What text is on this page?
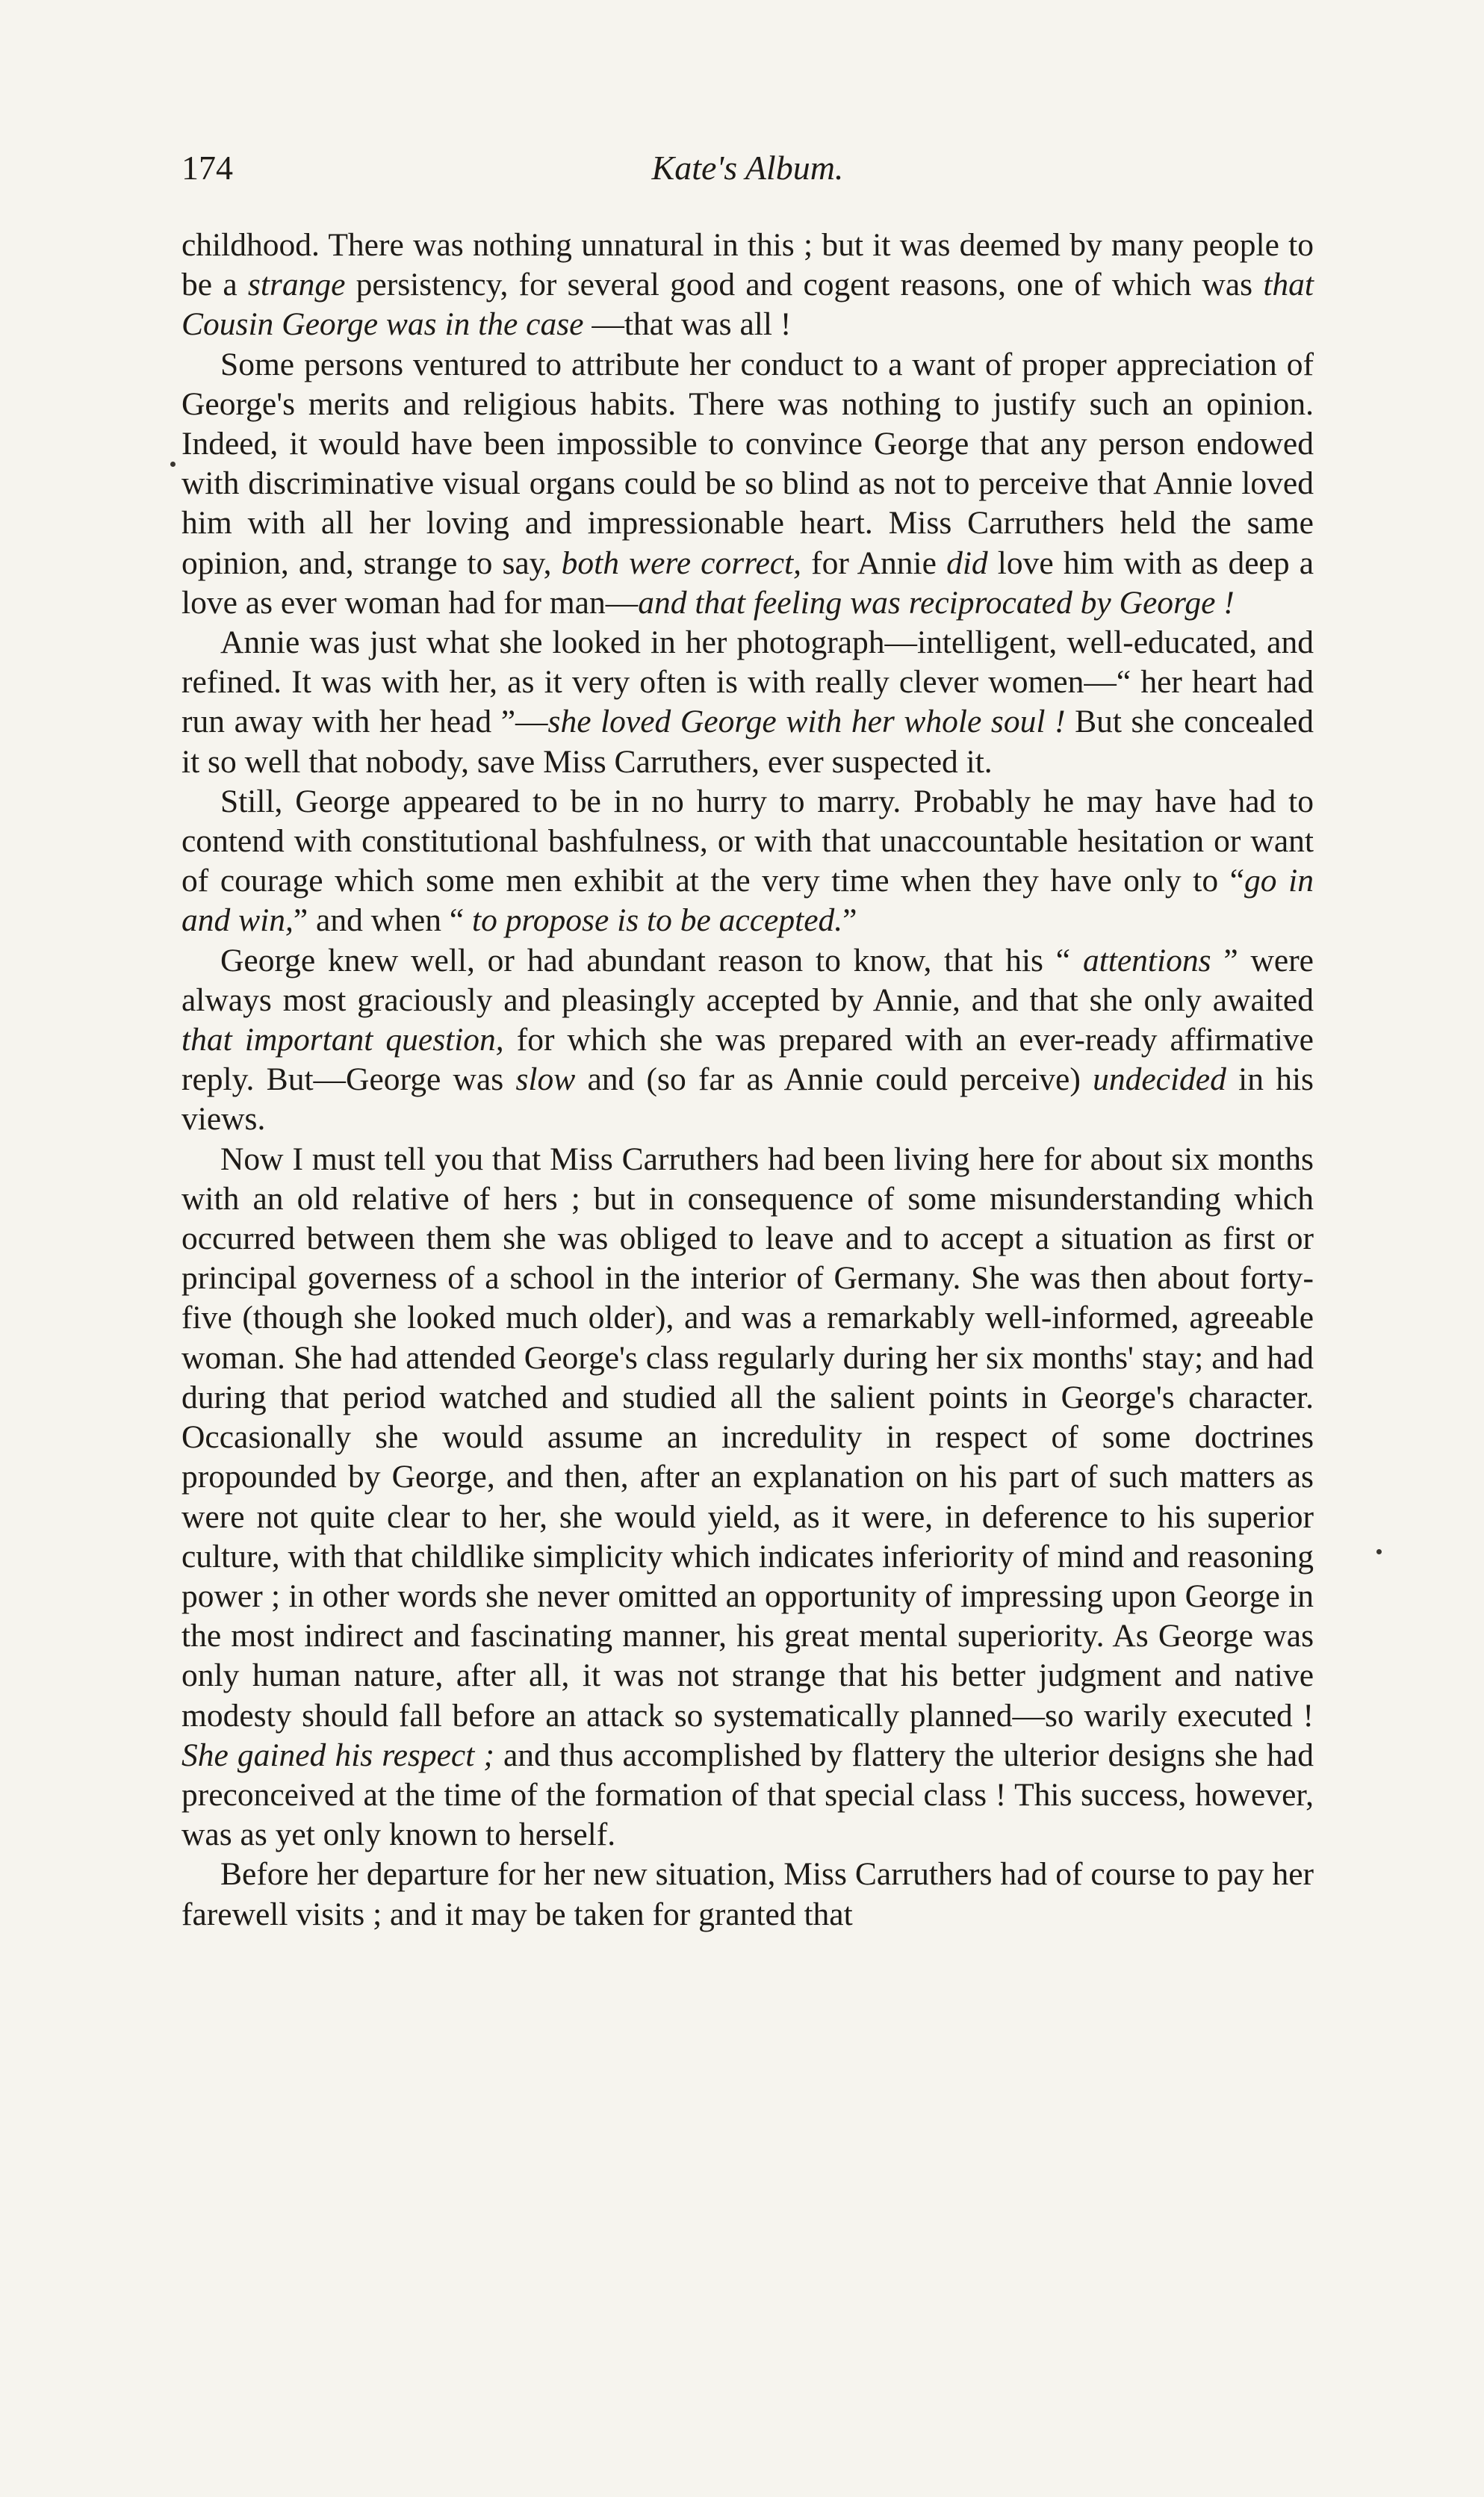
174	Kate's Album.

childhood. There was nothing unnatural in this ; but it was deemed by many people to be a strange persistency, for several good and cogent reasons, one of which was that Cousin George was in the case —that was all !

Some persons ventured to attribute her conduct to a want of proper appreciation of George's merits and religious habits. There was nothing to justify such an opinion. Indeed, it would have been impossible to convince George that any person endowed with discriminative visual organs could be so blind as not to perceive that Annie loved him with all her loving and impressionable heart. Miss Carruthers held the same opinion, and, strange to say, both were correct, for Annie did love him with as deep a love as ever woman had for man—and that feeling was reciprocated by George !

Annie was just what she looked in her photograph—intelligent, well-educated, and refined. It was with her, as it very often is with really clever women—“ her heart had run away with her head ”—she loved George with her whole soul ! But she concealed it so well that nobody, save Miss Carruthers, ever suspected it.

Still, George appeared to be in no hurry to marry. Probably he may have had to contend with constitutional bashfulness, or with that unaccountable hesitation or want of courage which some men exhibit at the very time when they have only to “go in and win,” and when “ to propose is to be accepted.”

George knew well, or had abundant reason to know, that his “ attentions ” were always most graciously and pleasingly accepted by Annie, and that she only awaited that important question, for which she was prepared with an ever-ready affirmative reply. But—George was slow and (so far as Annie could perceive) undecided in his views.

Now I must tell you that Miss Carruthers had been living here for about six months with an old relative of hers ; but in consequence of some misunderstanding which occurred between them she was obliged to leave and to accept a situation as first or principal governess of a school in the interior of Germany. She was then about forty-five (though she looked much older), and was a remarkably well-informed, agreeable woman. She had attended George's class regularly during her six months' stay; and had during that period watched and studied all the salient points in George's character. Occasionally she would assume an incredulity in respect of some doctrines propounded by George, and then, after an explanation on his part of such matters as were not quite clear to her, she would yield, as it were, in deference to his superior culture, with that childlike simplicity which indicates inferiority of mind and reasoning power ; in other words she never omitted an opportunity of impressing upon George in the most indirect and fascinating manner, his great mental superiority. As George was only human nature, after all, it was not strange that his better judgment and native modesty should fall before an attack so systematically planned—so warily executed ! She gained his respect ; and thus accomplished by flattery the ulterior designs she had preconceived at the time of the formation of that special class ! This success, however, was as yet only known to herself.

Before her departure for her new situation, Miss Carruthers had of course to pay her farewell visits ; and it may be taken for granted that
